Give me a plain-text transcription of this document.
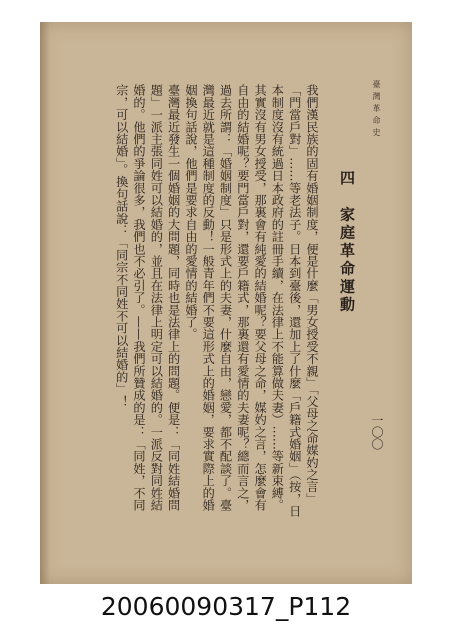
臺灣革命史
一〇〇
四 家庭革命運動

我們漢民族的固有婚姻制度，便是什麼「男女授受不親」「父母之命媒妁之言」「門當戶對」……等老法子。日本到臺後，還加上了什麼「戶籍式婚姻」（按，日本制度沒有統過日本政府的註冊手續，在法律上不能算做夫妻）……等新束縛。其實沒有男女授受，那裏會有純愛的結婚呢？要父母之命，媒妁之言，怎麼會有自由的結婚呢？要門當戶對，還要戶籍式，那裏還有愛情的夫妻呢？總而言之，過去所謂：「婚姻制度」只是形式上的夫妻，什麼自由，戀愛，都不配談了。臺灣最近就是這種制度的反動！一般青年們不要這形式上的婚姻，要求實際上的婚姻換句話說，他們是要求自由的愛情的結婚了。

臺灣最近發生一個婚姻的大問題，同時也是法律上的問題。便是：「同姓結婚問題」一派主張同姓可以結婚的，並且在法律上明定可以結婚的。一派反對同姓結婚的。他們的爭論很多，我們也不必引了。——我們所贊成的是：「同姓，不同宗，可以結婚」。換句話說：「同宗不同姓不可以結婚的」！

20060090317_P112
